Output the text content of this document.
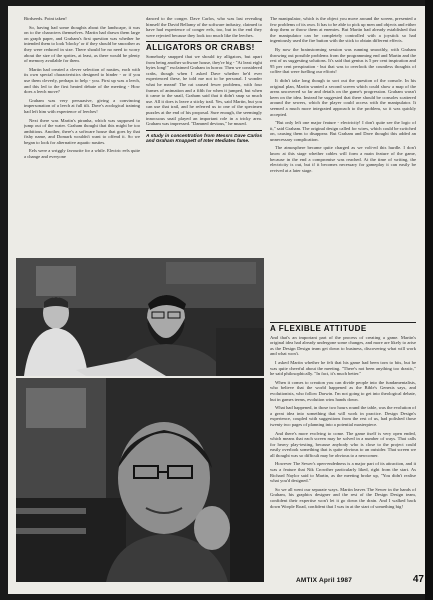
Birdseeds. Point taken!

So, having had some thoughts about the landscape, it was on to the characters themselves. Martin had drawn them large on graph paper, and Graham's first question was whether he intended them to look 'blocky' or if they should be smoother as they were reduced in size. There should be no need to worry about the size of the sprites, at least, as there would be plenty of memory available for them.

Martin had created a clever selection of nasties, each with its own special characteristics designed to hinder - or if you use them cleverly, perhaps to help - you. First up was a leech, and this led to the first heated debate of the meeting - How does a leech move?

Graham was very persuasive, giving a convincing impersonation of a leech at full tilt. Dave's zoological training had left him with experience of leeches!

Next there was Martin's piranha, which was supposed to jump out of the water. Graham thought that this might be too ambitious. Another, there's a software house that goes by that fishy name, and Domark wouldn't want to offend it. So we began to look for alternative aquatic nasties.

Eels were a wriggly favourite for a while. Electric eels quite a change and everyone

danced to the conger. Dave Carlos, who was last revealing himself the David Bellamy of the software industry, claimed to have had experience of conger eels, too, but in the end they were rejected because they look too much like the leeches.

ALLIGATORS OR CRABS!

Somebody snapped that we should try alligators, but apart from being another software house, they're big - "At least eight bytes long!" exclaimed Graham in horror. Then we considered crabs, though when I asked Dave whether he'd ever experienced these, he told me not to be personal. I wonder what he meant! The rat caused fewer problems, with four frames of animation and a fifth for when it jumped, but when it came to the snail, Graham said that it didn't snap so much use. All it does is leave a sticky trail. Yes, said Martin, but you can use that trail, and he referred us to one of the specimen puzzles at the end of his proposal. Sure enough, the seemingly innocuous snail played an important role in a tricky area. Graham was impressed. "Damned devious," he mused.

A study in concentration from Messrs Dave Carlos and Graham Knappett of Inter Mediates fame.

The manipulator, which is the object you move around the screen, presented a few problems of its own. It has to be able to pick up men and objects and either drop them or throw them at enemies. But Martin had already established that the manipulator can be completely controlled with a joystick so had ingeniously used the fire button with the stick to obtain different effects.

By now the brainstorming session was running smoothly, with Graham throwing out possible problems from the programming end and Martin and the rest of us suggesting solutions. It's said that genius is 5 per cent inspiration and 95 per cent perspiration - but that was to overlook the countless thoughts of coffee that were fuelling our efforts!

It didn't take long though to sort out the question of the console. In his original plan, Martin wanted a second screen which could show a map of the areas uncovered so far and details on the game's progression. Graham wasn't keen on the idea. Instead he suggested that there should be consoles scattered around the sewers, which the player could access with the manipulator. It seemed a much more integrated approach to the problem, so it was quickly accepted.

"But only left one major feature - electricity! I don't quite see the logic of it," said Graham. The original design called for wires, which could be switched on, causing them to disappear. But Graham and Dave thought this added an unnecessary complication.

The atmosphere became quite charged as we volt-ed this hurdle. I don't know at this stage whether cables will form a main feature of the game, because in the end a compromise was reached. At the time of writing, the electricity is out, but if it becomes necessary for gameplay it can easily be revived at a later stage.

A FLEXIBLE ATTITUDE

And that's an important part of the process of creating a game. Martin's original idea had already undergone some changes, and more are likely to arise as the Design Design team get down to business, discovering what will work and what won't.

I asked Martin whether he felt that his game had been torn to bits, but he was quite cheerful about the meeting. "There's not been anything too drastic," he said philosophically. "In fact, it's much better."

When it comes to creation you can divide people into the fundamentalists, who believe that the world happened as the Bible's Genesis says, and evolutionists, who follow Darwin. I'm not going to get into theological debate, but in games terms, evolution wins hands down.

What had happened, in those two hours round the table, was the evolution of a great idea into something that will work in practice. Design Design's experience, coupled with suggestions from the rest of us, had polished those twenty two pages of planning into a potential masterpiece.

And there's more evolving to come. The game itself is very open ended, which means that each screen may be solved in a number of ways. That calls for heavy play-testing, because anybody who is close to the project could easily overlook something that is quite obvious to an outsider. That screen we all thought was so difficult may be obvious to a newcomer.

However The Sewer's open-endedness is a major part of its attraction, and it was a feature that Nik Crowther particularly liked, right from the start. As Richard Naylor said to Martin, as the meeting broke up, "You didn't realise what you'd designed."

So we all went our separate ways. Martin leaves The Sewer in the hands of Graham, his graphics designer and the rest of the Design Design team, confident their expertise won't let it go down the drain. And I walked back down Worple Road, confident that I was in at the start of something big!

AMTIX April 1987	47
